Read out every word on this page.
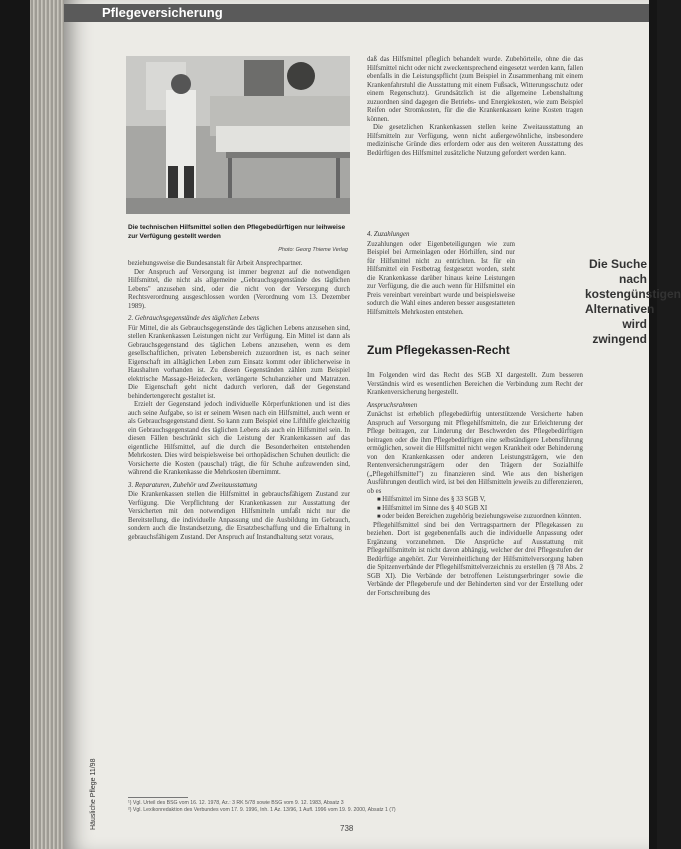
Pflegeversicherung
Die technischen Hilfsmittel sollen den Pflegebedürftigen nur leihweise zur Verfügung gestellt werden
Photo: Georg Thieme Verlag

beziehungsweise die Bundesanstalt für Arbeit Ansprechpartner.

Der Anspruch auf Versorgung ist immer begrenzt auf die notwendigen Hilfsmittel, die nicht als allgemeine „Gebrauchsgegenstände des täglichen Lebens" anzusehen sind, oder die nicht von der Versorgung durch Rechtsverordnung ausgeschlossen worden (Verordnung vom 13. Dezember 1989).

2. Gebrauchsgegenstände des täglichen Lebens

Für Mittel, die als Gebrauchsgegenstände des täglichen Lebens anzusehen sind, stellen Krankenkassen Leistungen nicht zur Verfügung. Ein Mittel ist dann als Gebrauchsgegenstand des täglichen Lebens anzusehen, wenn es dem gesellschaftlichen, privaten Lebensbereich zuzuordnen ist, es nach seiner Eigenschaft im alltäglichen Leben zum Einsatz kommt oder üblicherweise in Haushalten vorhanden ist. Zu diesen Gegenständen zählen zum Beispiel elektrische Massage-Heizdecken, verlängerte Schuhanzieher und Matratzen. Die Eigenschaft geht nicht dadurch verloren, daß der Gegenstand behindertengerecht gestaltet ist.

Erzielt der Gegenstand jedoch individuelle Körperfunktionen und ist dies auch seine Aufgabe, so ist er seinem Wesen nach ein Hilfsmittel, auch wenn er als Gebrauchsgegenstand dient. So kann zum Beispiel eine Lifthilfe gleichzeitig ein Gebrauchsgegenstand des täglichen Lebens als auch ein Hilfsmittel sein. In diesen Fällen beschränkt sich die Leistung der Krankenkassen auf das eigentliche Hilfsmittel, auf die durch die Besonderheiten entstehenden Mehrkosten. Dies wird beispielsweise bei orthopädischen Schuhen deutlich: die Vorsicherte die Kosten (pauschal) trägt, die für Schuhe aufzuwenden sind, während die Krankenkasse die Mehrkosten übernimmt.

3. Reparaturen, Zubehör und Zweitausstattung

Die Krankenkassen stellen die Hilfsmittel in gebrauchsfähigem Zustand zur Verfügung. Die Verpflichtung der Krankenkassen zur Ausstattung der Versicherten mit den notwendigen Hilfsmitteln umfaßt nicht nur die Bereitstellung, die individuelle Anpassung und die Ausbildung im Gebrauch, sondern auch die Instandsetzung, die Ersatzbeschaffung und die Erhaltung in gebrauchsfähigem Zustand. Der Anspruch auf Instandhaltung setzt voraus,

daß das Hilfsmittel pfleglich behandelt wurde. Zubehörteile, ohne die das Hilfsmittel nicht oder nicht zweckentsprechend eingesetzt werden kann, fallen ebenfalls in die Leistungspflicht (zum Beispiel in Zusammenhang mit einem Krankenfahrstuhl die Ausstattung mit einem Fußsack, Witterungsschutz oder einem Regenschutz). Grundsätzlich ist die allgemeine Lebenshaltung zuzuordnen sind dagegen die Betriebs- und Energiekosten, wie zum Beispiel Reifen oder Stromkosten, für die die Krankenkassen keine Kosten tragen können.

Die gesetzlichen Krankenkassen stellen keine Zweitausstattung an Hilfsmitteln zur Verfügung, wenn nicht außergewöhnliche, insbesondere medizinische Gründe dies erfordern oder aus den weiteren Ausstattung des Bedürftigen des Hilfsmittel zusätzliche Nutzung gefordert werden kann.

4. Zuzahlungen

Zuzahlungen oder Eigenbeteiligungen wie zum Beispiel bei Armeinlagen oder Hörhilfen, sind nur für Hilfsmittel nicht zu entrichten. Ist für ein Hilfsmittel ein Festbetrag festgesetzt worden, steht die Krankenkasse darüber hinaus keine Leistungen zur Verfügung, die die auch wenn für Hilfsmittel ein Preis vereinbart vereinbart wurde und beispielsweise sodurch die Wahl eines anderen besser ausgestatteten Hilfsmittels Mehrkosten entstehen.

Die Suche nach kostengünstigen Alternativen wird zwingend
Zum Pflegekassen-Recht

Im Folgenden wird das Recht des SGB XI dargestellt. Zum besseren Verständnis wird es wesentlichen Bereichen die Verbindung zum Recht der Krankenversicherung hergestellt.

Anspruchsrahmen

Zunächst ist erheblich pflegebedürftig unterstützende Versicherte haben Anspruch auf Versorgung mit Pflegehilfsmitteln, die zur Erleichterung der Pflege beitragen, zur Linderung der Beschwerden des Pflegebedürftigen beitragen oder die ihm Pflegebedürftigen eine selbständigere Lebensführung ermöglichen, soweit die Hilfsmittel nicht wegen Krankheit oder Behinderung von den Krankenkassen oder anderen Leistungsträgern, wie den Rentenversicherungsträgern oder den Trägern der Sozialhilfe („Pflegehilfsmittel") zu finanzieren sind. Wie aus den bisherigen Ausführungen deutlich wird, ist bei den Hilfsmitteln jeweils zu differenzieren, ob es

■ Hilfsmittel im Sinne des § 33 SGB V,
■ Hilfsmittel im Sinne des § 40 SGB XI
■ oder beiden Bereichen zugehörig beziehungsweise zuzuordnen könnten.

Pflegehilfsmittel sind bei den Vertragspartnern der Pflegekassen zu beziehen. Dort ist gegebenenfalls auch die individuelle Anpassung oder Ergänzung vorzunehmen. Die Ansprüche auf Ausstattung mit Pflegehilfsmitteln ist nicht davon abhängig, welcher der drei Pflegestufen der Bedürftige angehört. Zur Vereinheitlichung der Hilfsmittelversorgung haben die Spitzenverbände der Pflegehilfsmittelverzeichnis zu erstellen (§ 78 Abs. 2 SGB XI). Die Verbände der betroffenen Leistungserbringer sowie die Verbände der Pflegeberufe und der Behinderten sind vor der Erstellung oder der Fortschreibung des

¹) Vgl. Urteil des BSG vom 16. 12. 1978, Az.: 3 RK 5/78 sowie BSG vom 9. 12. 1983, Absatz 3
²) Vgl. Lexikonredaktion des Verbundes vom 17. 9. 1996, Inh. 1 Az. 13/96, 1 Aufl. 1996 vom 19. 9. 2000, Absatz 1 (7)
738
Häusliche Pflege 11/98
